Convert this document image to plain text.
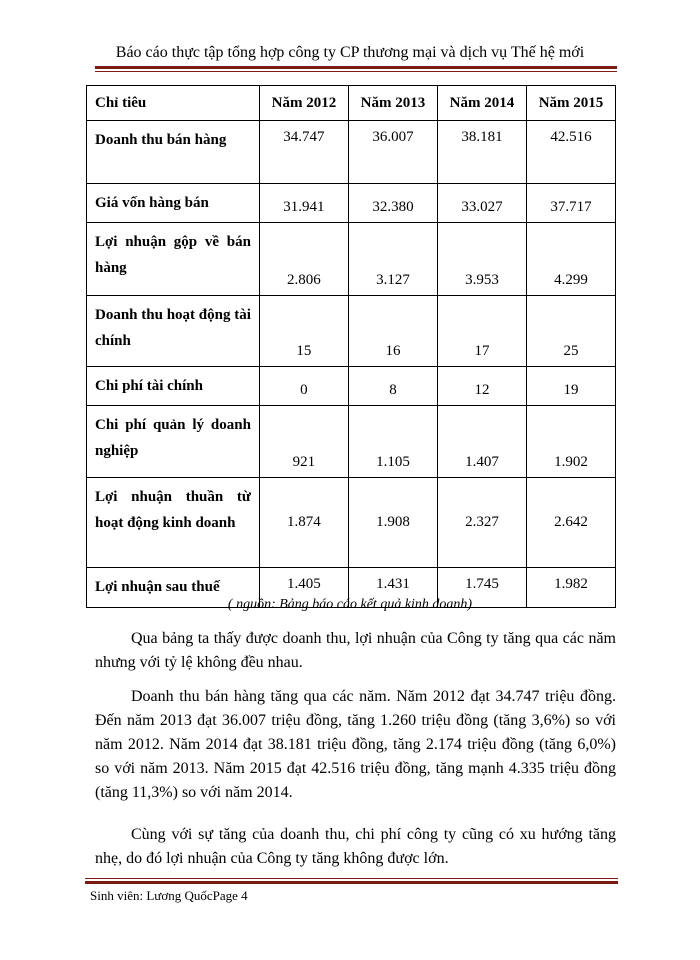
Báo cáo thực tập tổng hợp công ty CP thương mại và dịch vụ Thế hệ mới
Chỉ tiêu	Năm 2012	Năm 2013	Năm 2014	Năm 2015
Doanh thu bán hàng	34.747	36.007	38.181	42.516
Giá vốn hàng bán	31.941	32.380	33.027	37.717
Lợi nhuận gộp về bán hàng	2.806	3.127	3.953	4.299
Doanh thu hoạt động tài chính	15	16	17	25
Chi phí tài chính	0	8	12	19
Chi phí quản lý doanh nghiệp	921	1.105	1.407	1.902
Lợi nhuận thuần từ hoạt động kinh doanh	1.874	1.908	2.327	2.642
Lợi nhuận sau thuế	1.405	1.431	1.745	1.982
( nguồn: Bảng báo cáo kết quả kinh doanh)

Qua bảng ta thấy được doanh thu, lợi nhuận của Công ty tăng qua các năm nhưng với tỷ lệ không đều nhau.

Doanh thu bán hàng tăng qua các năm. Năm 2012 đạt 34.747 triệu đồng. Đến năm 2013 đạt 36.007 triệu đồng, tăng 1.260 triệu đồng (tăng 3,6%) so với năm 2012. Năm 2014 đạt 38.181 triệu đồng, tăng 2.174 triệu đồng (tăng 6,0%) so với năm 2013. Năm 2015 đạt 42.516 triệu đồng, tăng mạnh 4.335 triệu đồng (tăng 11,3%) so với năm 2014.

Cùng với sự tăng của doanh thu, chi phí công ty cũng có xu hướng tăng nhẹ, do đó lợi nhuận của Công ty tăng không được lớn.

Sinh viên: Lương QuốcPage 4
